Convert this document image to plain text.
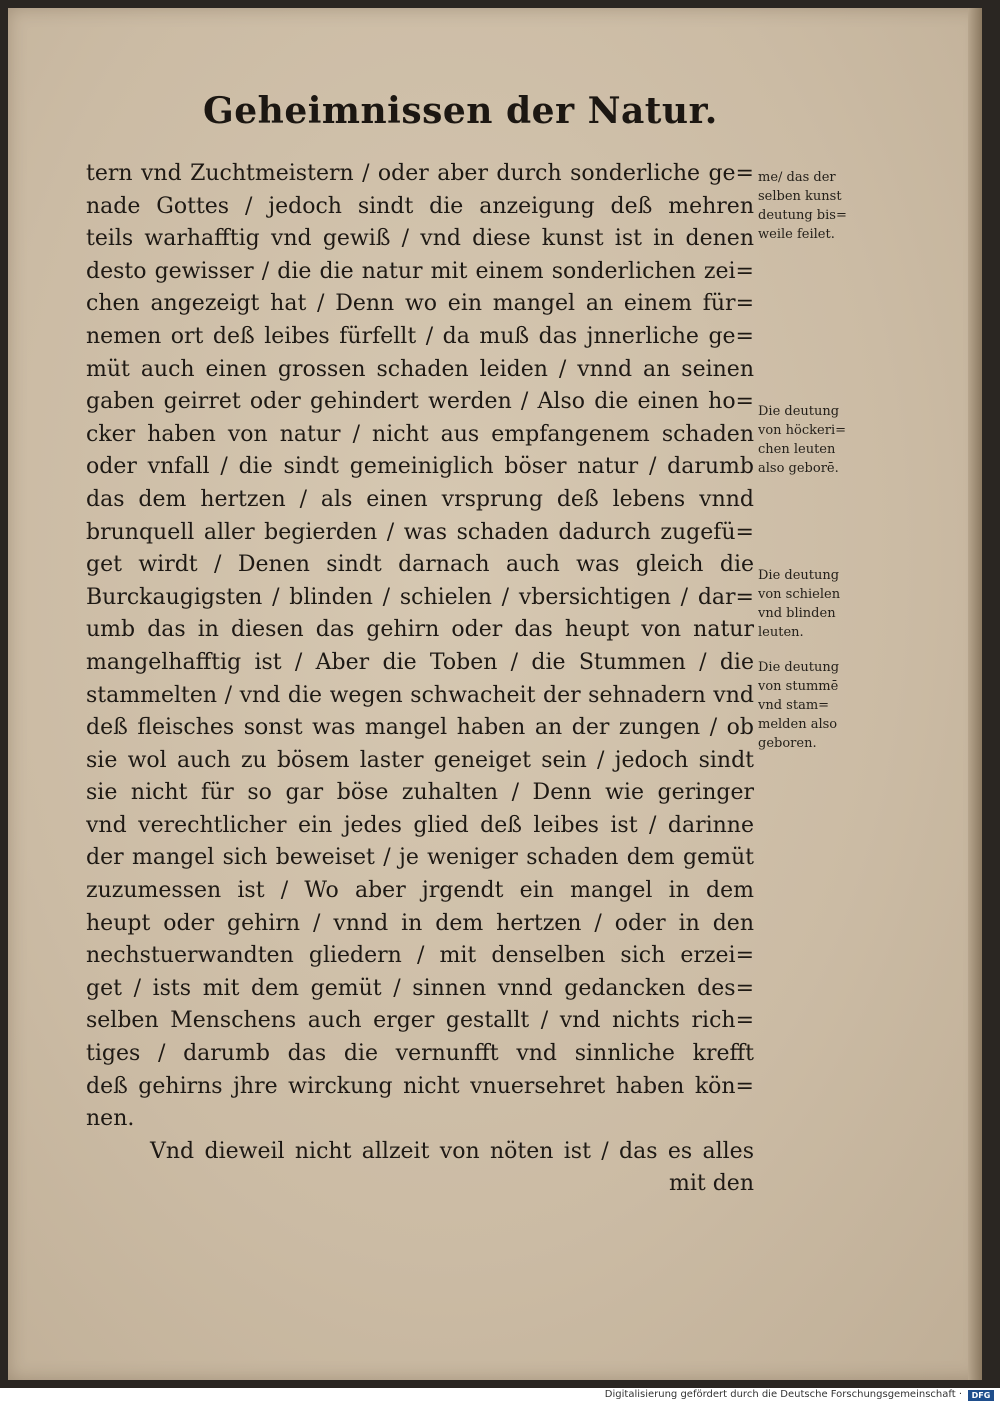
Geheimnissen der Natur.
tern vnd Zuchtmeistern / oder aber durch sonderliche ge=
nade Gottes / jedoch sindt die anzeigung deß mehren
teils warhafftig vnd gewiß / vnd diese kunst ist in denen
desto gewisser / die die natur mit einem sonderlichen zei=
chen angezeigt hat / Denn wo ein mangel an einem für=
nemen ort deß leibes fürfellt / da muß das jnnerliche ge=
müt auch einen grossen schaden leiden / vnnd an seinen
gaben geirret oder gehindert werden / Also die einen ho=
cker haben von natur / nicht aus empfangenem schaden
oder vnfall / die sindt gemeiniglich böser natur / darumb
das dem hertzen / als einen vrsprung deß lebens vnnd
brunquell aller begierden / was schaden dadurch zugefü=
get wirdt / Denen sindt darnach auch was gleich die
Burckaugigsten / blinden / schielen / vbersichtigen / dar=
umb das in diesen das gehirn oder das heupt von natur
mangelhafftig ist / Aber die Toben / die Stummen / die
stammelten / vnd die wegen schwacheit der sehnadern vnd
deß fleisches sonst was mangel haben an der zungen / ob
sie wol auch zu bösem laster geneiget sein / jedoch sindt
sie nicht für so gar böse zuhalten / Denn wie geringer
vnd verechtlicher ein jedes glied deß leibes ist / darinne
der mangel sich beweiset / je weniger schaden dem gemüt
zuzumessen ist / Wo aber jrgendt ein mangel in dem
heupt oder gehirn / vnnd in dem hertzen / oder in den
nechstuerwandten gliedern / mit denselben sich erzei=
get / ists mit dem gemüt / sinnen vnnd gedancken des=
selben Menschens auch erger gestallt / vnd nichts rich=
tiges / darumb das die vernunfft vnd sinnliche krefft
deß gehirns jhre wirckung nicht vnuersehret haben kön=
nen.
Vnd dieweil nicht allzeit von nöten ist / das es alles
mit den
me/ das der
selben kunst
deutung bis=
weile feilet.
Die deutung
von höckeri=
chen leuten
also geborē.
Die deutung
von schielen
vnd blinden
leuten.
Die deutung
von stummē
vnd stam=
melden also
geboren.
Digitalisierung gefördert durch die Deutsche Forschungsgemeinschaft ·	DFG
